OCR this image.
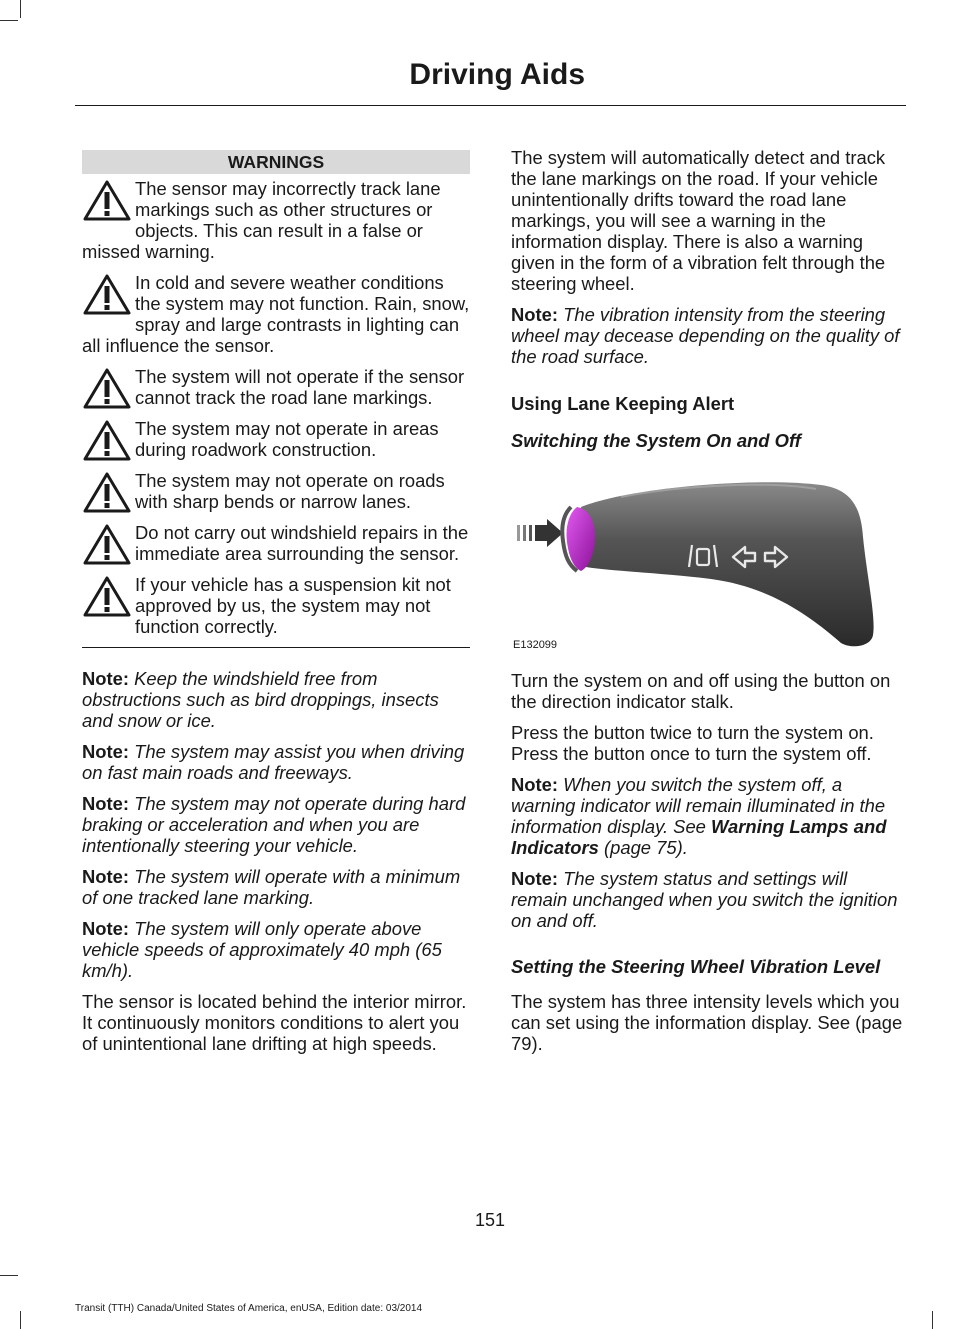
Driving Aids
WARNINGS
The sensor may incorrectly track lane markings such as other structures or objects. This can result in a false or missed warning.
In cold and severe weather conditions the system may not function. Rain, snow, spray and large contrasts in lighting can all influence the sensor.
The system will not operate if the sensor cannot track the road lane markings.
The system may not operate in areas during roadwork construction.
The system may not operate on roads with sharp bends or narrow lanes.
Do not carry out windshield repairs in the immediate area surrounding the sensor.
If your vehicle has a suspension kit not approved by us, the system may not function correctly.

Note: Keep the windshield free from obstructions such as bird droppings, insects and snow or ice.

Note: The system may assist you when driving on fast main roads and freeways.

Note: The system may not operate during hard braking or acceleration and when you are intentionally steering your vehicle.

Note: The system will operate with a minimum of one tracked lane marking.

Note: The system will only operate above vehicle speeds of approximately 40 mph (65 km/h).

The sensor is located behind the interior mirror. It continuously monitors conditions to alert you of unintentional lane drifting at high speeds.

The system will automatically detect and track the lane markings on the road. If your vehicle unintentionally drifts toward the road lane markings, you will see a warning in the information display. There is also a warning given in the form of a vibration felt through the steering wheel.

Note: The vibration intensity from the steering wheel may decease depending on the quality of the road surface.

Using Lane Keeping Alert
Switching the System On and Off
E132099

Turn the system on and off using the button on the direction indicator stalk.

Press the button twice to turn the system on. Press the button once to turn the system off.

Note: When you switch the system off, a warning indicator will remain illuminated in the information display. See Warning Lamps and Indicators (page 75).

Note: The system status and settings will remain unchanged when you switch the ignition on and off.

Setting the Steering Wheel Vibration Level

The system has three intensity levels which you can set using the information display. See (page 79).

151
Transit (TTH) Canada/United States of America, enUSA, Edition date: 03/2014
